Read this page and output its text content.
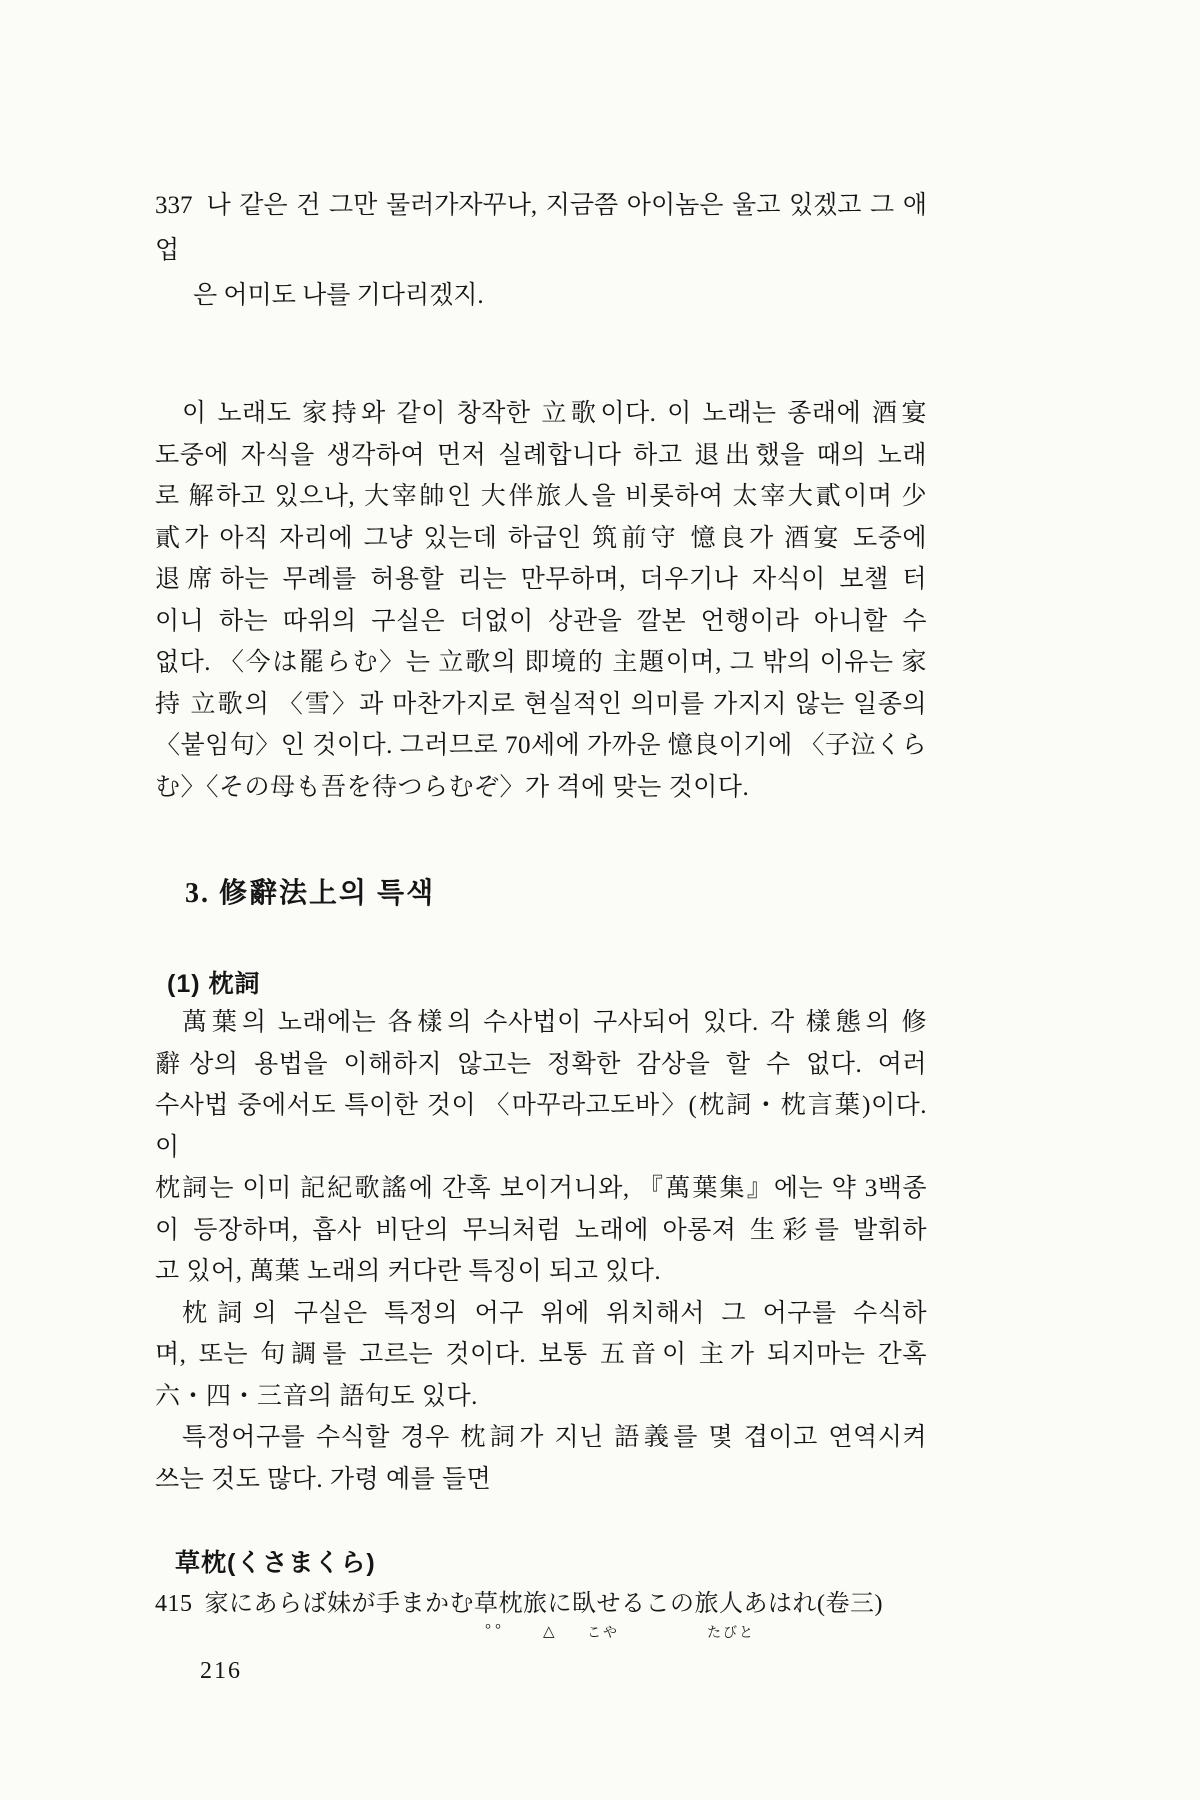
337 나 같은 건 그만 물러가자꾸나, 지금쯤 아이놈은 울고 있겠고 그 애 업
은 어미도 나를 기다리겠지.
이 노래도 家持와 같이 창작한 立歌이다. 이 노래는 종래에 酒宴
도중에 자식을 생각하여 먼저 실례합니다 하고 退出했을 때의 노래
로 解하고 있으나, 大宰帥인 大伴旅人을 비롯하여 太宰大貳이며 少
貳가 아직 자리에 그냥 있는데 하급인 筑前守 憶良가 酒宴 도중에
退席하는 무례를 허용할 리는 만무하며, 더우기나 자식이 보챌 터
이니 하는 따위의 구실은 더없이 상관을 깔본 언행이라 아니할 수
없다. 〈今は罷らむ〉는 立歌의 即境的 主題이며, 그 밖의 이유는 家
持 立歌의 〈雪〉과 마찬가지로 현실적인 의미를 가지지 않는 일종의
〈붙임句〉인 것이다. 그러므로 70세에 가까운 憶良이기에 〈子泣くら
む〉〈その母も吾を待つらむぞ〉가 격에 맞는 것이다.
3. 修辭法上의 특색
(1) 枕詞
萬葉의 노래에는 各樣의 수사법이 구사되어 있다. 각 樣態의 修
辭상의 용법을 이해하지 않고는 정확한 감상을 할 수 없다. 여러
수사법 중에서도 특이한 것이 〈마꾸라고도바〉(枕詞・枕言葉)이다. 이
枕詞는 이미 記紀歌謠에 간혹 보이거니와, 『萬葉集』에는 약 3백종
이 등장하며, 흡사 비단의 무늬처럼 노래에 아롱져 生彩를 발휘하
고 있어, 萬葉 노래의 커다란 특징이 되고 있다.
枕詞의 구실은 특정의 어구 위에 위치해서 그 어구를 수식하
며, 또는 句調를 고르는 것이다. 보통 五音이 主가 되지마는 간혹
六・四・三音의 語句도 있다.
특정어구를 수식할 경우 枕詞가 지닌 語義를 몇 겹이고 연역시켜
쓰는 것도 많다. 가령 예를 들면
草枕(くさまくら)
415 家にあらば妹が手まかむ草枕旅に臥せるこの旅人あはれ(卷三)
°°	△ こや	たびと
216
